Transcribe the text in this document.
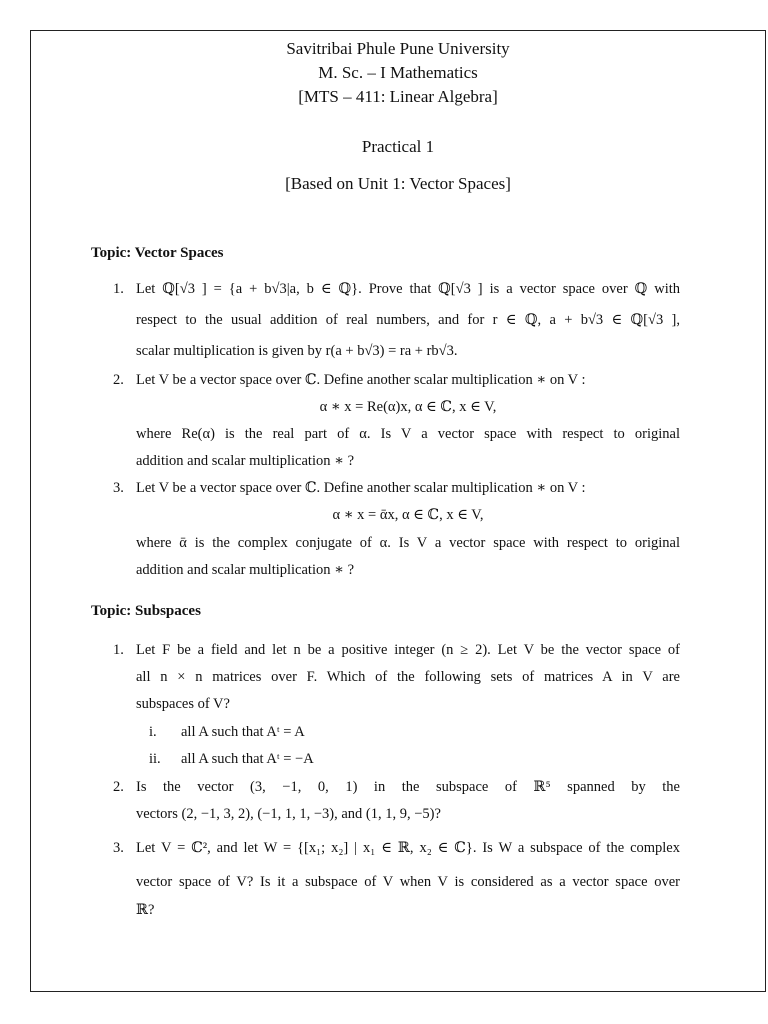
Savitribai Phule Pune University
M. Sc. – I Mathematics
[MTS – 411: Linear Algebra]
Practical 1
[Based on Unit 1: Vector Spaces]
Topic: Vector Spaces
1. Let ℚ[√3 ] = {a + b√3|a, b ∈ ℚ}. Prove that ℚ[√3 ] is a vector space over ℚ with
respect to the usual addition of real numbers, and for r ∈ ℚ, a + b√3 ∈ ℚ[√3 ],
scalar multiplication is given by r(a + b√3) = ra + rb√3.
2. Let V be a vector space over ℂ. Define another scalar multiplication ∗ on V :
α ∗ x = Re(α)x, α ∈ ℂ, x ∈ V,
where Re(α) is the real part of α. Is V a vector space with respect to original
addition and scalar multiplication ∗ ?
3. Let V be a vector space over ℂ. Define another scalar multiplication ∗ on V :
α ∗ x = ᾱx, α ∈ ℂ, x ∈ V,
where ᾱ is the complex conjugate of α. Is V a vector space with respect to original
addition and scalar multiplication ∗ ?
Topic: Subspaces
1. Let F be a field and let n be a positive integer (n ≥ 2). Let V be the vector space of
all n × n matrices over F. Which of the following sets of matrices A in V are
subspaces of V?
i.	all A such that Aᵗ = A
ii.	all A such that Aᵗ = −A
2. Is the vector (3, −1, 0, 1) in the subspace of ℝ⁵ spanned by the
vectors (2, −1, 3, 2), (−1, 1, 1, −3), and (1, 1, 9, −5)?
3. Let V = ℂ², and let W = {[x₁; x₂] | x₁ ∈ ℝ, x₂ ∈ ℂ}. Is W a subspace of the complex
vector space of V? Is it a subspace of V when V is considered as a vector space over
ℝ?
